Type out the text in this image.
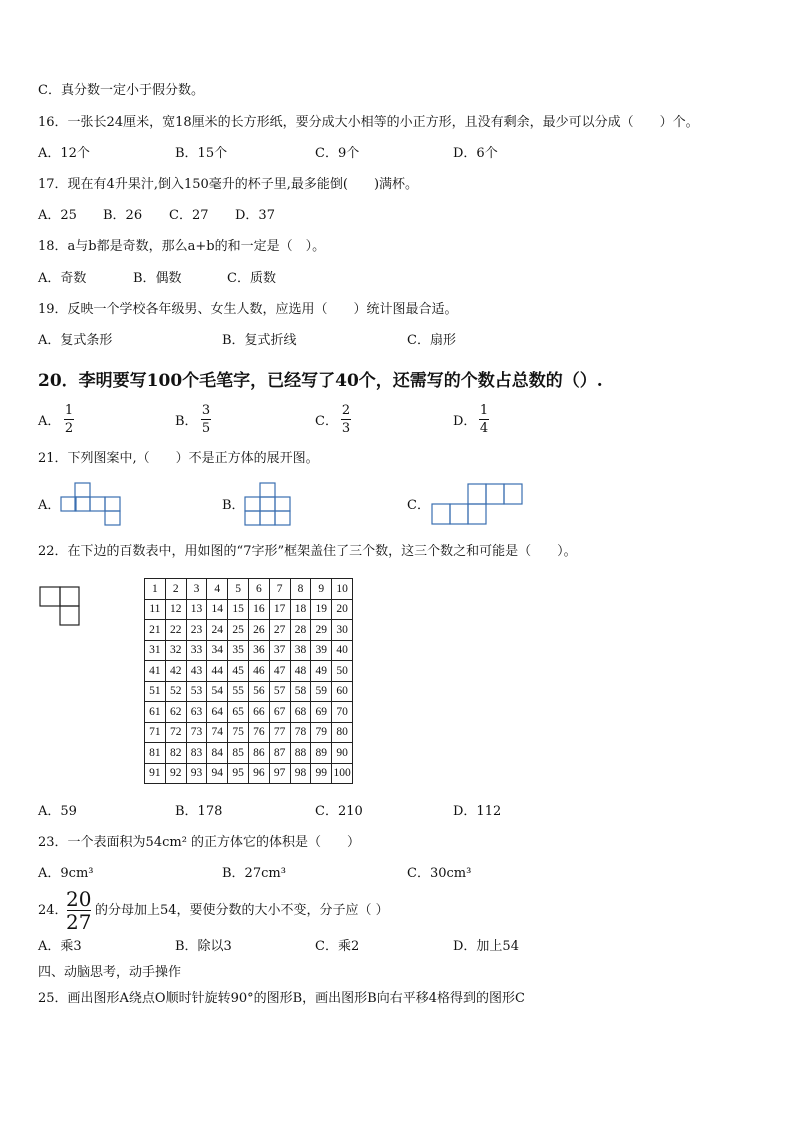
C．真分数一定小于假分数。
16．一张长24厘米，宽18厘米的长方形纸，要分成大小相等的小正方形，且没有剩余，最少可以分成（　　）个。
A．12个	B．15个	C．9个	D．6个
17．现在有4升果汁,倒入150毫升的杯子里,最多能倒(　　)满杯。
A．25 B．26 C．27 D．37
18．a与b都是奇数，那么a+b的和一定是（　）。
A．奇数	B．偶数	C．质数
19．反映一个学校各年级男、女生人数，应选用（　　）统计图最合适。
A．复式条形	B．复式折线	C．扇形
20．李明要写100个毛笔字，已经写了40个，还需写的个数占总数的（）.
A．
1
2	B．
3
5	C．
2
3	D．
1
4
21．下列图案中,（　　）不是正方体的展开图。
A．	B．	C．
22．在下边的百数表中，用如图的“7字形”框架盖住了三个数，这三个数之和可能是（　　）。
1	2	3	4	5	6	7	8	9	10
11	12	13	14	15	16	17	18	19	20
21	22	23	24	25	26	27	28	29	30
31	32	33	34	35	36	37	38	39	40
41	42	43	44	45	46	47	48	49	50
51	52	53	54	55	56	57	58	59	60
61	62	63	64	65	66	67	68	69	70
71	72	73	74	75	76	77	78	79	80
81	82	83	84	85	86	87	88	89	90
91	92	93	94	95	96	97	98	99	100
A．59	B．178	C．210	D．112
23．一个表面积为54cm² 的正方体它的体积是（　　）
A．9cm³	B．27cm³	C．30cm³
24．
20
27 的分母加上54，要使分数的大小不变，分子应（ ）
A．乘3	B．除以3	C．乘2	D．加上54
四、动脑思考，动手操作
25．画出图形A绕点O顺时针旋转90°的图形B，画出图形B向右平移4格得到的图形C
